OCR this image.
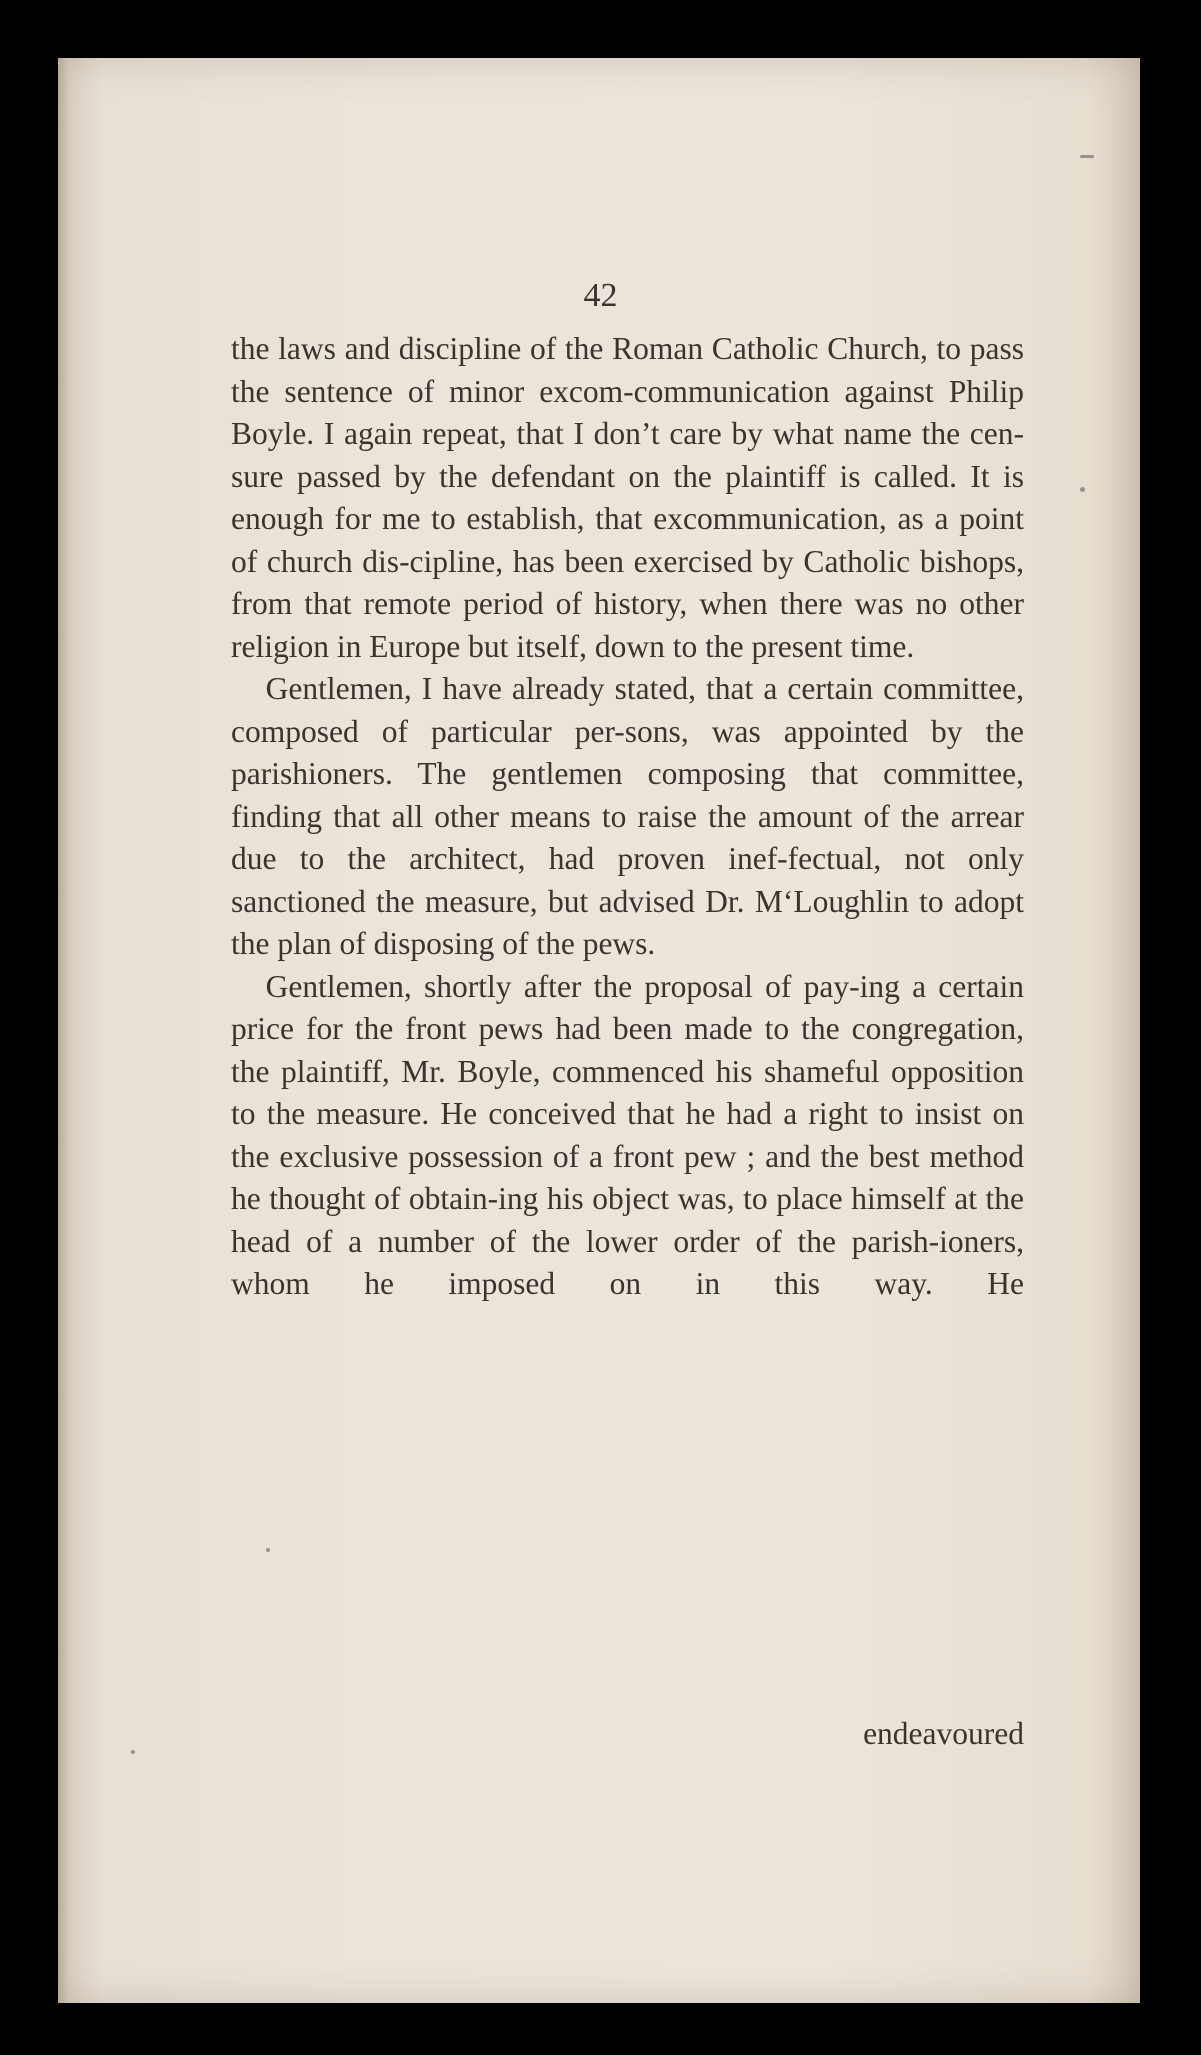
42

the laws and discipline of the Roman Catholic Church, to pass the sentence of minor excom-communication against Philip Boyle. I again repeat, that I don’t care by what name the cen-sure passed by the defendant on the plaintiff is called. It is enough for me to establish, that excommunication, as a point of church dis-cipline, has been exercised by Catholic bishops, from that remote period of history, when there was no other religion in Europe but itself, down to the present time.

Gentlemen, I have already stated, that a certain committee, composed of particular per-sons, was appointed by the parishioners. The gentlemen composing that committee, finding that all other means to raise the amount of the arrear due to the architect, had proven inef-fectual, not only sanctioned the measure, but advised Dr. M‘Loughlin to adopt the plan of disposing of the pews.

Gentlemen, shortly after the proposal of pay-ing a certain price for the front pews had been made to the congregation, the plaintiff, Mr. Boyle, commenced his shameful opposition to the measure. He conceived that he had a right to insist on the exclusive possession of a front pew ; and the best method he thought of obtain-ing his object was, to place himself at the head of a number of the lower order of the parish-ioners, whom he imposed on in this way. He

endeavoured
